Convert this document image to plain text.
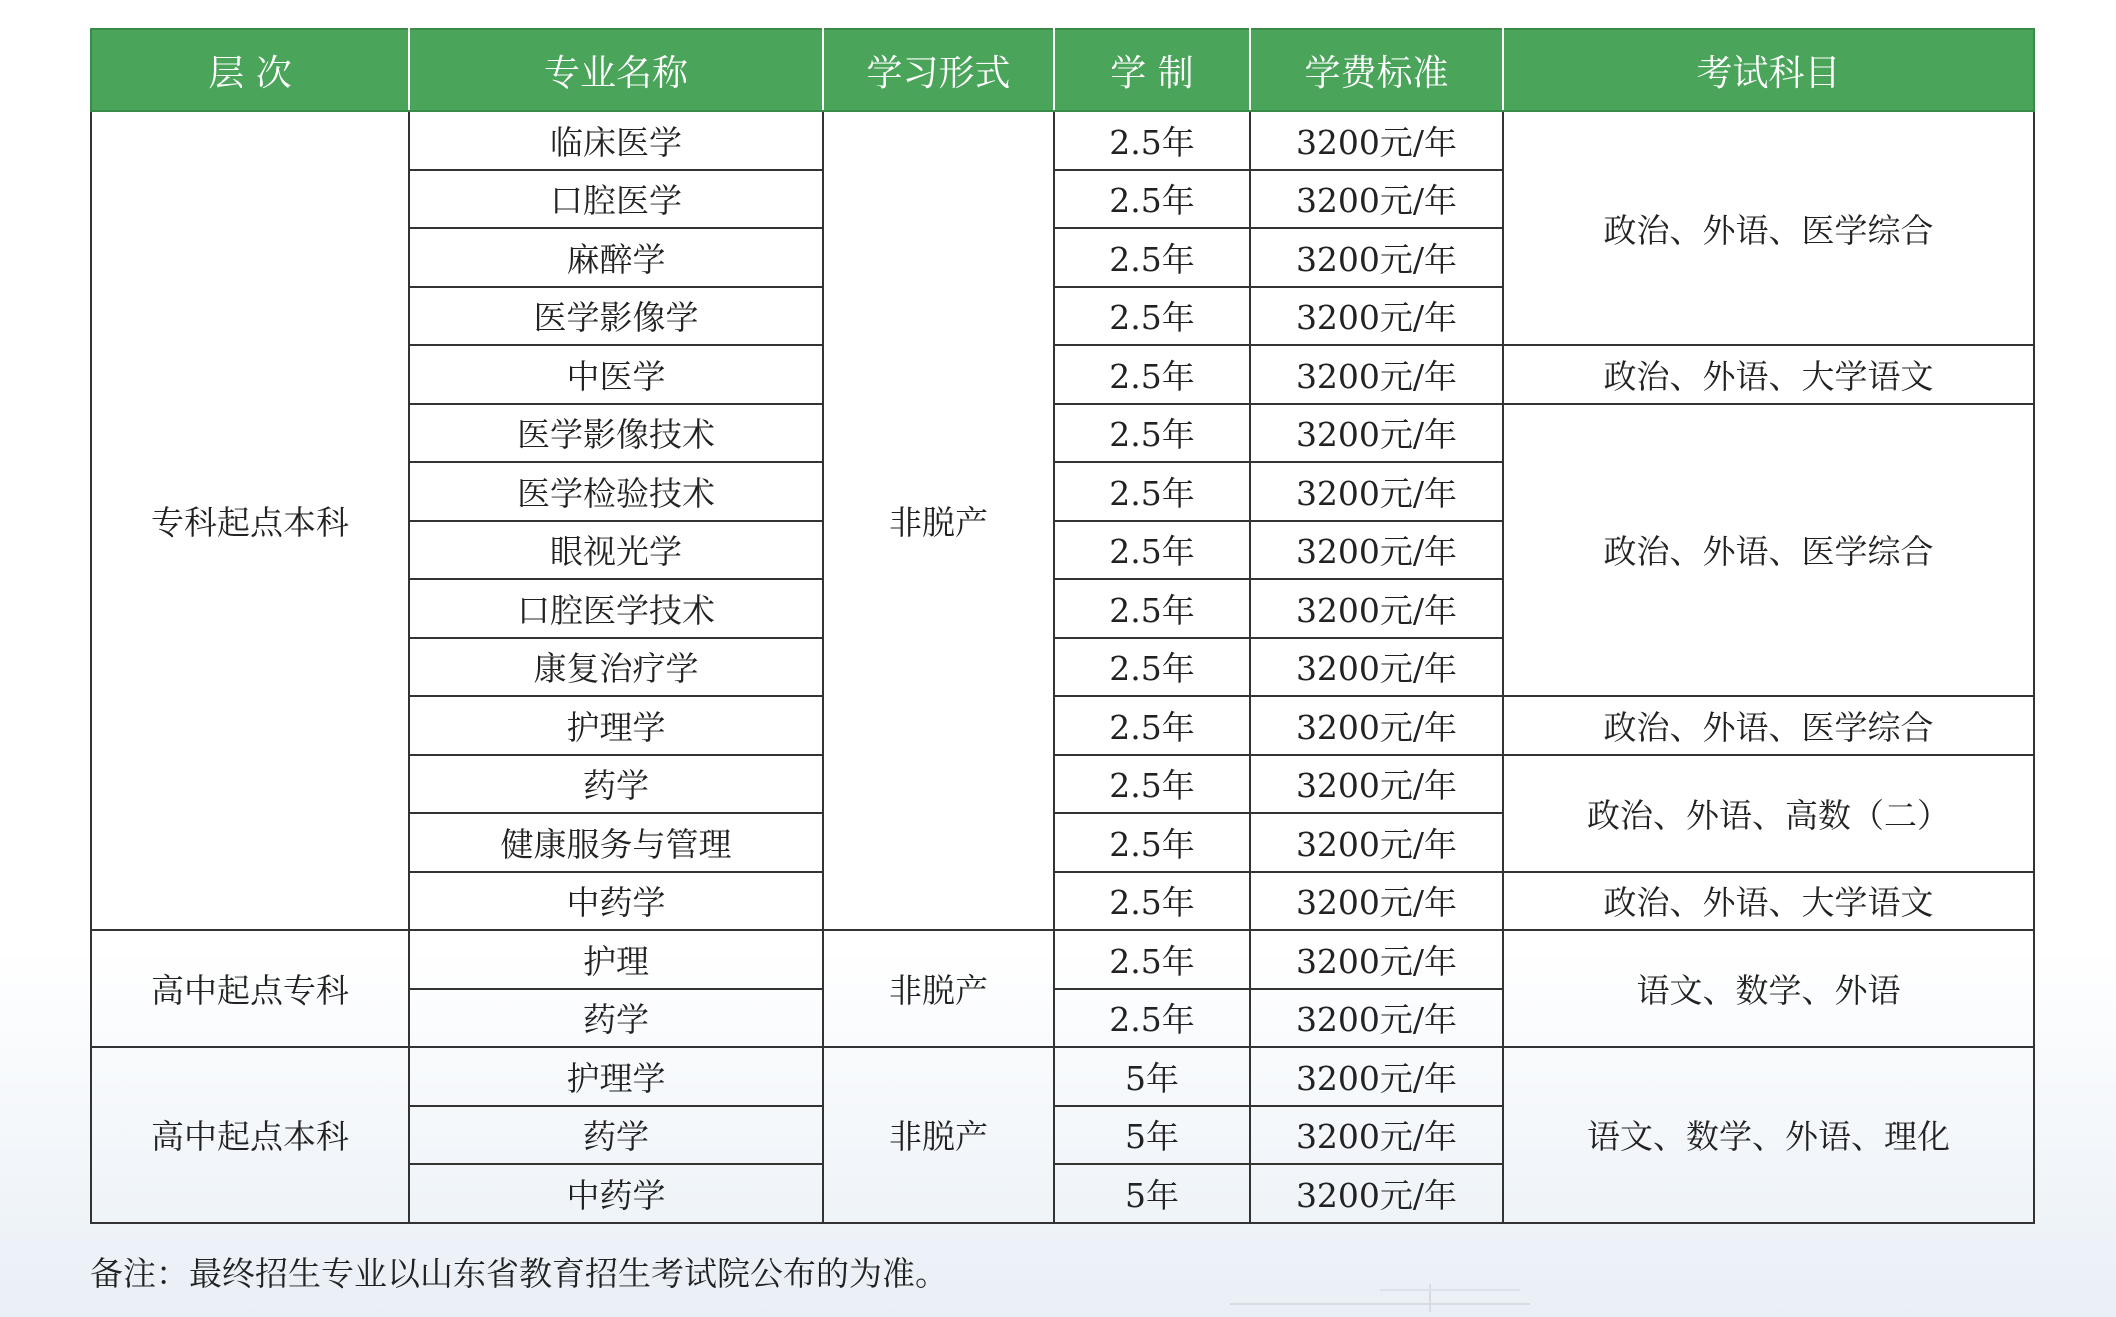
层 次	专业名称	学习形式	学 制	学费标准	考试科目
专科起点本科	临床医学	非脱产	2.5年	3200元/年	政治、外语、医学综合
	口腔医学		2.5年	3200元/年	
	麻醉学		2.5年	3200元/年	
	医学影像学		2.5年	3200元/年	
	中医学		2.5年	3200元/年	政治、外语、大学语文
	医学影像技术		2.5年	3200元/年	政治、外语、医学综合
	医学检验技术		2.5年	3200元/年	
	眼视光学		2.5年	3200元/年	
	口腔医学技术		2.5年	3200元/年	
	康复治疗学		2.5年	3200元/年	
	护理学		2.5年	3200元/年	政治、外语、医学综合
	药学		2.5年	3200元/年	政治、外语、高数（二）
	健康服务与管理		2.5年	3200元/年	
	中药学		2.5年	3200元/年	政治、外语、大学语文
高中起点专科	护理	非脱产	2.5年	3200元/年	语文、数学、外语
	药学		2.5年	3200元/年	
高中起点本科	护理学	非脱产	5年	3200元/年	语文、数学、外语、理化
	药学		5年	3200元/年	
	中药学		5年	3200元/年	
备注：最终招生专业以山东省教育招生考试院公布的为准。
